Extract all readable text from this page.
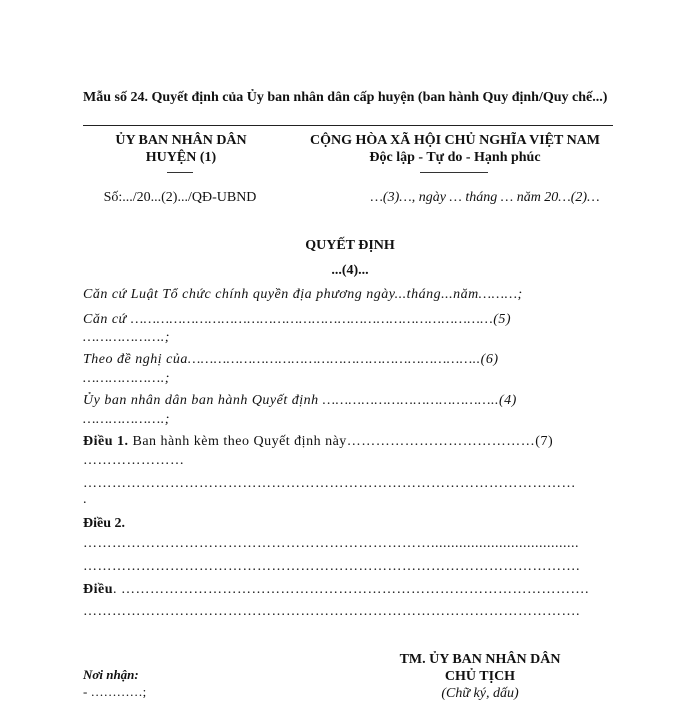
Mẫu số 24. Quyết định của Ủy ban nhân dân cấp huyện (ban hành Quy định/Quy chế...)
ỦY BAN NHÂN DÂN
HUYỆN (1)
Số:.../20...(2).../QĐ-UBND
CỘNG HÒA XÃ HỘI CHỦ NGHĨA VIỆT NAM
Độc lập - Tự do - Hạnh phúc
…(3)…, ngày … tháng … năm 20…(2)…
QUYẾT ĐỊNH
...(4)...
Căn cứ Luật Tổ chức chính quyền địa phương ngày...tháng...năm………;
Căn cứ …………………………………………………………………………(5)
……………….;
Theo đề nghị của…………………………………………………………..(6)
……………….;
Ủy ban nhân dân ban hành Quyết định …………………………………..(4)
……………….;
Điều 1. Ban hành kèm theo Quyết định này…………………………………(7)
…………………
…………………………………………………………………………………………
.
Điều 2.
……………………………………………………………….....................................
………………………………………………………………………………………….
Điều. …………………………………………………………………………………….
………………………………………………………………………………………….
Nơi nhận:
- …………;
TM. ỦY BAN NHÂN DÂN
CHỦ TỊCH
(Chữ ký, dấu)
